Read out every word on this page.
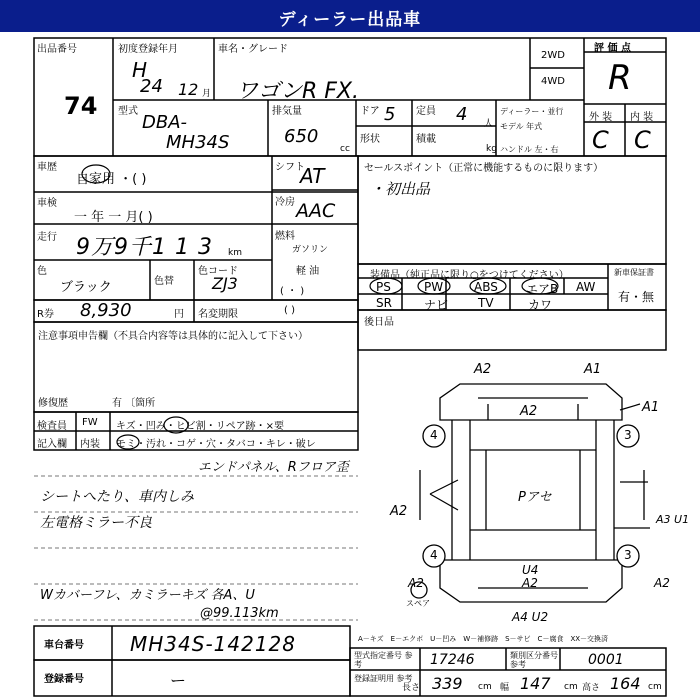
ディーラー出品車
出品番号
74
初度登録年月
H
24 12 月
車名・グレード
ワゴンR FX.
2WD
4WD
評 価 点
R
型式
DBA-
MH34S
排気量
650
cc
ドア 5 定員 4 人
形状	積載
kg
ディーラー・並行
モデル 年式
ハンドル 左・右
外 装 内 装
C C
車歴
自家用 ・( )
車検
一 年 一 月( )
走行 9万9千1 1 3 km
色
ブラック	色替
色コード
ZJ3
シフト
AT
冷房 AAC
燃料
ガソリン
軽 油
( ・ )
R券 8,930	円 名変期限	( )
セールスポイント（正常に機能するものに限ります）
・初出品
装備品（純正品に限り○をつけてください）	新車保証書
有・無
PS	PW	ABS エアB AW
SR	ナビ TV	カワ
後日品
注意事項申告欄（不具合内容等は具体的に記入して下さい）
修復歴	有 〔箇所
検査員
記入欄
FW
内装
キズ・凹み・ヒビ割・リペア跡・×要
モミ・汚れ・コゲ・穴・タバコ・キレ・破レ
エンドパネル、Rフロア歪
シートへたり、車内しみ
左電格ミラー不良
Wカバーフレ、カミラーキズ 各A、U
@99.113km
A2	A1
A2	A1
3
3
4
4
A2
Pアセ
A3 U1
U4 A2
A2
A4 U2
A2
スペア
A－キズ　E－エクボ　U－凹み　W－補修跡　S－サビ　C－腐食　XX－交換済
車台番号 MH34S-142128
登録番号	ー
型式指定番号 参考	17246	類別区分番号 参考	0001
登録証明用 参考
長さ 339 cm 幅 147 cm 高さ 164 cm
